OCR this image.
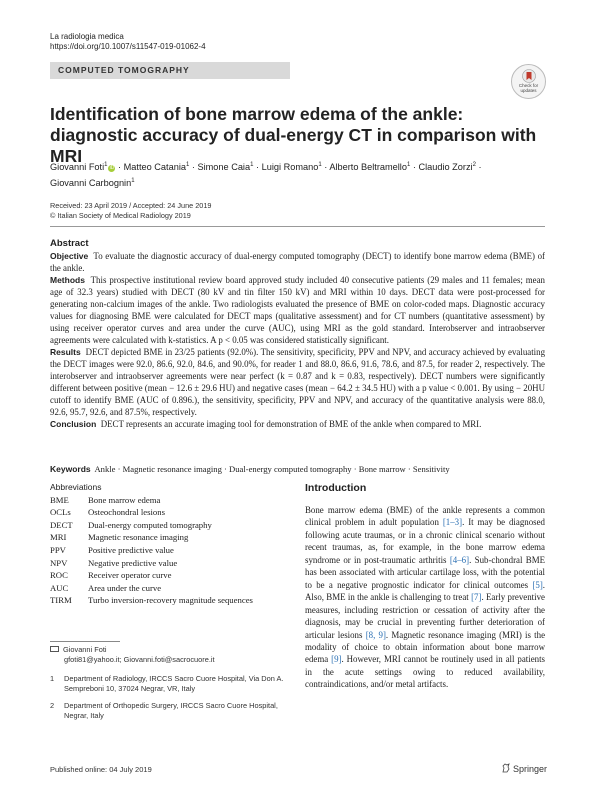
La radiologia medica
https://doi.org/10.1007/s11547-019-01062-4
COMPUTED TOMOGRAPHY
Check for
updates
Identification of bone marrow edema of the ankle: diagnostic accuracy of dual-energy CT in comparison with MRI
Giovanni Foti$^1$iD · Matteo Catania$^1$ · Simone Caia$^1$ · Luigi Romano$^1$ · Alberto Beltramello$^1$ · Claudio Zorzi$^2$ ·
Giovanni Carbognin$^1$
Received: 23 April 2019 / Accepted: 24 June 2019
© Italian Society of Medical Radiology 2019
Abstract

Objective To evaluate the diagnostic accuracy of dual-energy computed tomography (DECT) to identify bone marrow edema (BME) of the ankle.

Methods This prospective institutional review board approved study included 40 consecutive patients (29 males and 11 females; mean age of 32.3 years) studied with DECT (80 kV and tin filter 150 kV) and MRI within 10 days. DECT data were post-processed for generating non-calcium images of the ankle. Two radiologists evaluated the presence of BME on color-coded maps. Diagnostic accuracy values for diagnosing BME were calculated for DECT maps (qualitative assessment) and for CT numbers (quantitative assessment) by using receiver operator curves and area under the curve (AUC), using MRI as the gold standard. Interobserver and intraobserver agreements were calculated with k-statistics. A p < 0.05 was considered statistically significant.

Results DECT depicted BME in 23/25 patients (92.0%). The sensitivity, specificity, PPV and NPV, and accuracy achieved by evaluating the DECT images were 92.0, 86.6, 92.0, 84.6, and 90.0%, for reader 1 and 88.0, 86.6, 91.6, 78.6, and 87.5, for reader 2, respectively. The interobserver and intraobserver agreements were near perfect (k = 0.87 and k = 0.83, respectively). DECT numbers were significantly different between positive (mean − 12.6 ± 29.6 HU) and negative cases (mean − 64.2 ± 34.5 HU) with a p value < 0.001. By using − 20HU cutoff to identify BME (AUC of 0.896.), the sensitivity, specificity, PPV and NPV, and accuracy of the quantitative analysis were 88.0, 92.6, 95.7, 92.6, and 87.5%, respectively.

Conclusion DECT represents an accurate imaging tool for demonstration of BME of the ankle when compared to MRI.

Keywords Ankle · Magnetic resonance imaging · Dual-energy computed tomography · Bone marrow · Sensitivity
Abbreviations
BME	Bone marrow edema
OCLs	Osteochondral lesions
DECT	Dual-energy computed tomography
MRI	Magnetic resonance imaging
PPV	Positive predictive value
NPV	Negative predictive value
ROC	Receiver operator curve
AUC	Area under the curve
TIRM	Turbo inversion-recovery magnitude sequences
Introduction

Bone marrow edema (BME) of the ankle represents a common clinical problem in adult population [1–3]. It may be diagnosed following acute traumas, or in a chronic clinical scenario without recent traumas, as, for example, in the bone marrow edema syndrome or in post-traumatic arthritis [4–6]. Sub-chondral BME has been associated with articular cartilage loss, with the potential to be a negative prognostic indicator for clinical outcomes [5]. Also, BME in the ankle is challenging to treat [7]. Early preventive measures, including restriction or cessation of activity after the diagnosis, may be crucial in preventing further deterioration of articular lesions [8, 9]. Magnetic resonance imaging (MRI) is the modality of choice to obtain information about bone marrow edema [9]. However, MRI cannot be routinely used in all patients in the acute settings owing to reduced availability, contraindications, and/or metal artifacts.

Giovanni Foti
gfoti81@yahoo.it; Giovanni.foti@sacrocuore.it
1	Department of Radiology, IRCCS Sacro Cuore Hospital, Via Don A. Sempreboni 10, 37024 Negrar, VR, Italy
2	Department of Orthopedic Surgery, IRCCS Sacro Cuore Hospital, Negrar, Italy
Published online: 04 July 2019	Springer
